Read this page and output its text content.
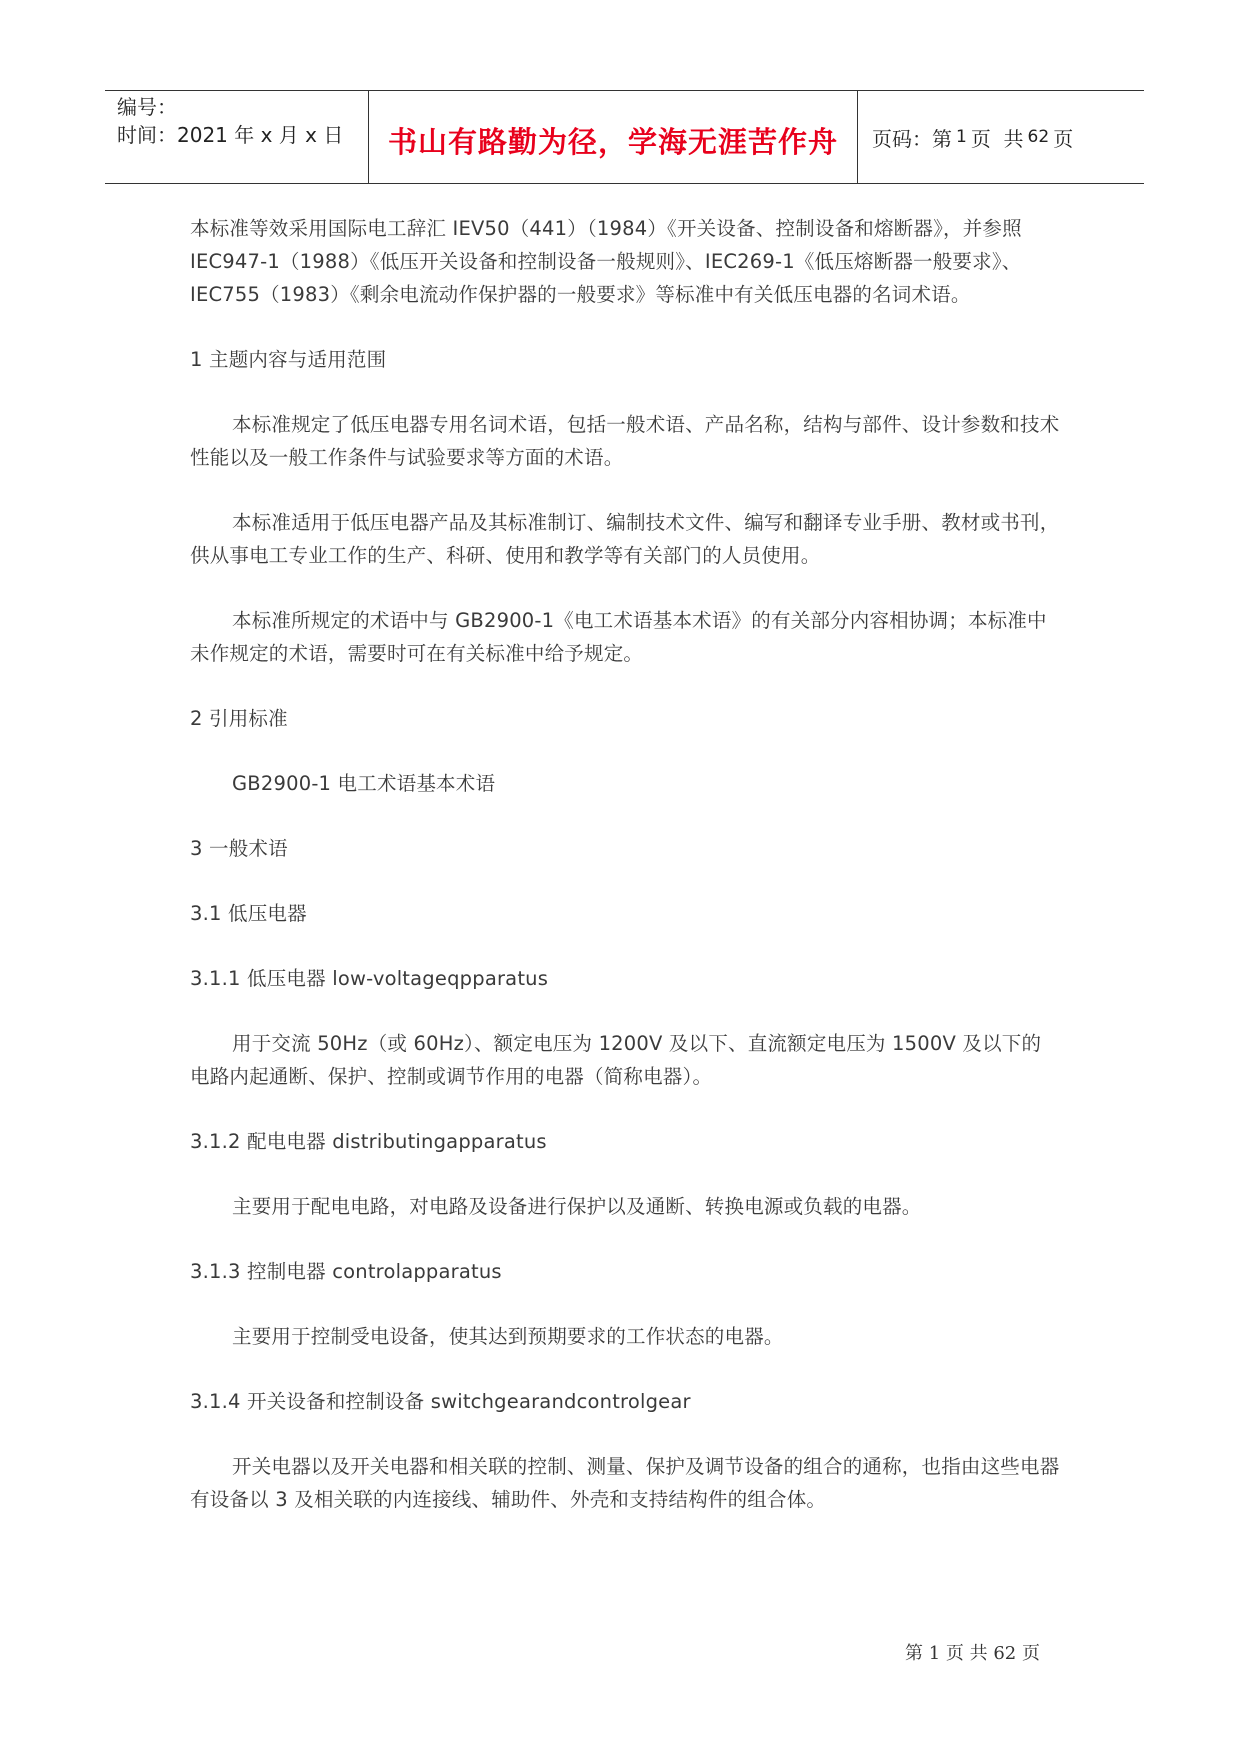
编号：
时间：2021 年 x 月 x 日	书山有路勤为径，学海无涯苦作舟 页码：第 1 页  共 62 页

本标准等效采用国际电工辞汇 IEV50（441）（1984）《开关设备、控制设备和熔断器》，并参照 IEC947-1（1988）《低压开关设备和控制设备一般规则》、IEC269-1《低压熔断器一般要求》、IEC755（1983）《剩余电流动作保护器的一般要求》等标准中有关低压电器的名词术语。

1 主题内容与适用范围

本标准规定了低压电器专用名词术语，包括一般术语、产品名称，结构与部件、设计参数和技术性能以及一般工作条件与试验要求等方面的术语。

本标准适用于低压电器产品及其标准制订、编制技术文件、编写和翻译专业手册、教材或书刊，供从事电工专业工作的生产、科研、使用和教学等有关部门的人员使用。

本标准所规定的术语中与 GB2900-1《电工术语基本术语》的有关部分内容相协调；本标准中未作规定的术语，需要时可在有关标准中给予规定。

2 引用标准

GB2900-1 电工术语基本术语

3 一般术语

3.1 低压电器

3.1.1 低压电器 low-voltageqpparatus

用于交流 50Hz（或 60Hz）、额定电压为 1200V 及以下、直流额定电压为 1500V 及以下的电路内起通断、保护、控制或调节作用的电器（简称电器）。

3.1.2 配电电器 distributingapparatus

主要用于配电电路，对电路及设备进行保护以及通断、转换电源或负载的电器。

3.1.3 控制电器 controlapparatus

主要用于控制受电设备，使其达到预期要求的工作状态的电器。

3.1.4 开关设备和控制设备 switchgearandcontrolgear

开关电器以及开关电器和相关联的控制、测量、保护及调节设备的组合的通称，也指由这些电器有设备以 3 及相关联的内连接线、辅助件、外壳和支持结构件的组合体。

第 1 页 共 62 页
